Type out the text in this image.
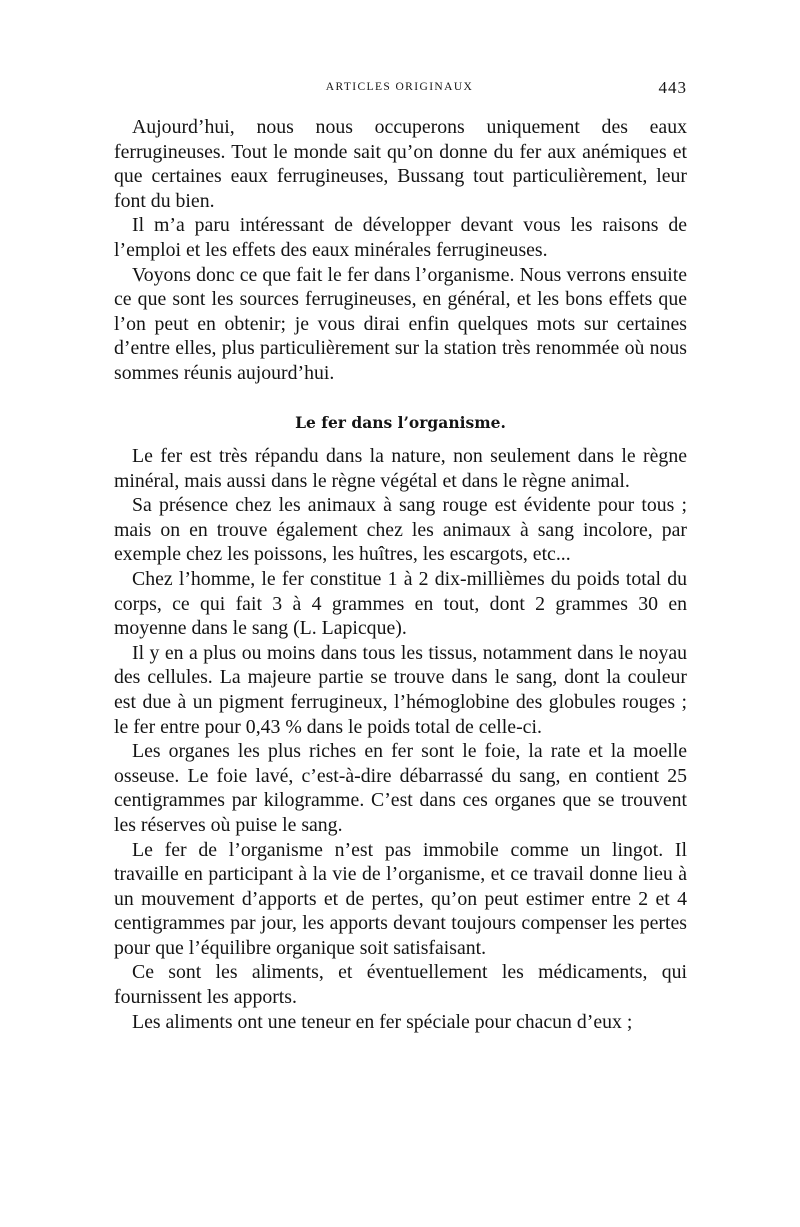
ARTICLES ORIGINAUX	443

Aujourd’hui, nous nous occuperons uniquement des eaux ferrugineuses. Tout le monde sait qu’on donne du fer aux anémiques et que certaines eaux ferrugineuses, Bussang tout particulièrement, leur font du bien.

Il m’a paru intéressant de développer devant vous les raisons de l’emploi et les effets des eaux minérales ferrugineuses.

Voyons donc ce que fait le fer dans l’organisme. Nous verrons ensuite ce que sont les sources ferrugineuses, en général, et les bons effets que l’on peut en obtenir; je vous dirai enfin quelques mots sur certaines d’entre elles, plus particulièrement sur la station très renommée où nous sommes réunis aujourd’hui.

Le fer dans l’organisme.

Le fer est très répandu dans la nature, non seulement dans le règne minéral, mais aussi dans le règne végétal et dans le règne animal.

Sa présence chez les animaux à sang rouge est évidente pour tous ; mais on en trouve également chez les animaux à sang incolore, par exemple chez les poissons, les huîtres, les escargots, etc...

Chez l’homme, le fer constitue 1 à 2 dix-millièmes du poids total du corps, ce qui fait 3 à 4 grammes en tout, dont 2 grammes 30 en moyenne dans le sang (L. Lapicque).

Il y en a plus ou moins dans tous les tissus, notamment dans le noyau des cellules. La majeure partie se trouve dans le sang, dont la couleur est due à un pigment ferrugineux, l’hémoglobine des globules rouges ; le fer entre pour 0,43 % dans le poids total de celle-ci.

Les organes les plus riches en fer sont le foie, la rate et la moelle osseuse. Le foie lavé, c’est-à-dire débarrassé du sang, en contient 25 centigrammes par kilogramme. C’est dans ces organes que se trouvent les réserves où puise le sang.

Le fer de l’organisme n’est pas immobile comme un lingot. Il travaille en participant à la vie de l’organisme, et ce travail donne lieu à un mouvement d’apports et de pertes, qu’on peut estimer entre 2 et 4 centigrammes par jour, les apports devant toujours compenser les pertes pour que l’équilibre organique soit satisfaisant.

Ce sont les aliments, et éventuellement les médicaments, qui fournissent les apports.

Les aliments ont une teneur en fer spéciale pour chacun d’eux ;
